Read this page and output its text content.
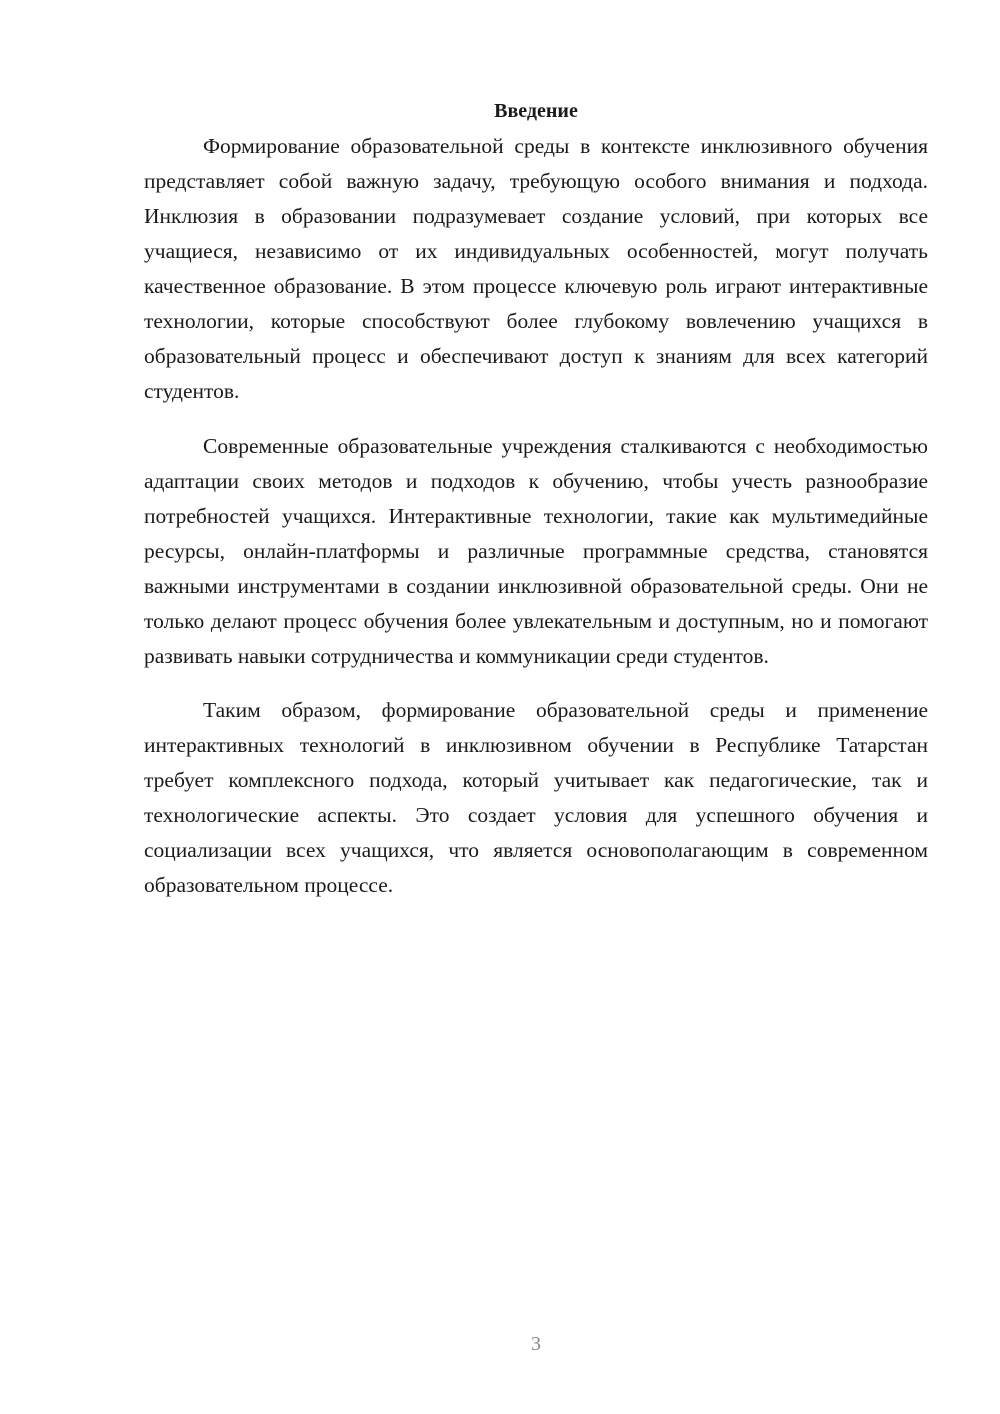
Введение

Формирование образовательной среды в контексте инклюзивного обучения представляет собой важную задачу, требующую особого внимания и подхода. Инклюзия в образовании подразумевает создание условий, при которых все учащиеся, независимо от их индивидуальных особенностей, могут получать качественное образование. В этом процессе ключевую роль играют интерактивные технологии, которые способствуют более глубокому вовлечению учащихся в образовательный процесс и обеспечивают доступ к знаниям для всех категорий студентов.

Современные образовательные учреждения сталкиваются с необходимостью адаптации своих методов и подходов к обучению, чтобы учесть разнообразие потребностей учащихся. Интерактивные технологии, такие как мультимедийные ресурсы, онлайн-платформы и различные программные средства, становятся важными инструментами в создании инклюзивной образовательной среды. Они не только делают процесс обучения более увлекательным и доступным, но и помогают развивать навыки сотрудничества и коммуникации среди студентов.

Таким образом, формирование образовательной среды и применение интерактивных технологий в инклюзивном обучении в Республике Татарстан требует комплексного подхода, который учитывает как педагогические, так и технологические аспекты. Это создает условия для успешного обучения и социализации всех учащихся, что является основополагающим в современном образовательном процессе.

3
